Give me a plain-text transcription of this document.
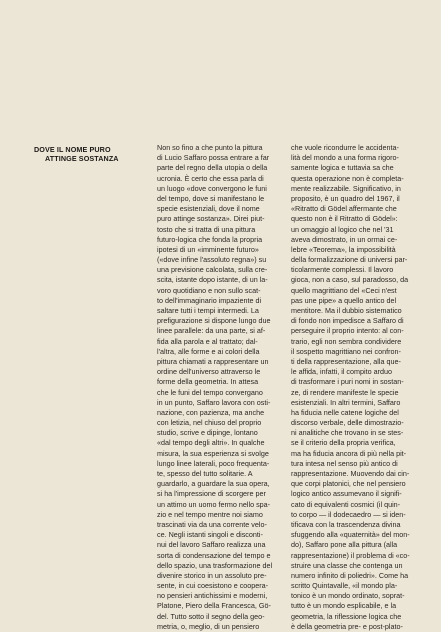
DOVE IL NOME PURO
ATTINGE SOSTANZA
Non so fino a che punto la pittura
di Lucio Saffaro possa entrare a far
parte del regno della utopia o della
ucronia. È certo che essa parla di
un luogo «dove convergono le funi
del tempo, dove si manifestano le
specie esistenziali, dove il nome
puro attinge sostanza». Direi piut-
tosto che si tratta di una pittura
futuro-logica che fonda la propria
ipotesi di un «imminente futuro»
(«dove infine l'assoluto regna») su
una previsione calcolata, sulla cre-
scita, istante dopo istante, di un la-
voro quotidiano e non sullo scat-
to dell'immaginario impaziente di
saltare tutti i tempi intermedi. La
prefigurazione si dispone lungo due
linee parallele: da una parte, si af-
fida alla parola e al trattato; dal-
l'altra, alle forme e ai colori della
pittura chiamati a rappresentare un
ordine dell'universo attraverso le
forme della geometria. In attesa
che le funi del tempo convergano
in un punto, Saffaro lavora con osti-
nazione, con pazienza, ma anche
con letizia, nel chiuso del proprio
studio, scrive e dipinge, lontano
«dal tempo degli altri». In qualche
misura, la sua esperienza si svolge
lungo linee laterali, poco frequenta-
te, spesso del tutto solitarie. A
guardarlo, a guardare la sua opera,
si ha l'impressione di scorgere per
un attimo un uomo fermo nello spa-
zio e nel tempo mentre noi siamo
trascinati via da una corrente velo-
ce. Negli istanti singoli e disconti-
nui del lavoro Saffaro realizza una
sorta di condensazione del tempo e
dello spazio, una trasformazione del
divenire storico in un assoluto pre-
sente, in cui coesistono e coopera-
no pensieri antichissimi e moderni,
Platone, Piero della Francesca, Gö-
del. Tutto sotto il segno della geo-
metria, o, meglio, di un pensiero
che vuole ricondurre le accidenta-
lità del mondo a una forma rigoro-
samente logica e tuttavia sa che
questa operazione non è completa-
mente realizzabile. Significativo, in
proposito, è un quadro del 1967, il
«Ritratto di Gödel affermante che
questo non è il Ritratto di Gödel»:
un omaggio al logico che nel '31
aveva dimostrato, in un ormai ce-
lebre «Teorema», la impossibilità
della formalizzazione di universi par-
ticolarmente complessi. Il lavoro
gioca, non a caso, sul paradosso, da
quello magrittiano del «Ceci n'est
pas une pipe» a quello antico del
mentitore. Ma il dubbio sistematico
di fondo non impedisce a Saffaro di
perseguire il proprio intento: al con-
trario, egli non sembra condividere
il sospetto magrittiano nei confron-
ti della rappresentazione, alla que-
le affida, infatti, il compito arduo
di trasformare i puri nomi in sostan-
ze, di rendere manifeste le specie
esistenziali. In altri termini, Saffaro
ha fiducia nelle catene logiche del
discorso verbale, delle dimostrazio-
ni analitiche che trovano in se stes-
se il criterio della propria verifica,
ma ha fiducia ancora di più nella pit-
tura intesa nel senso più antico di
rappresentazione. Muovendo dai cin-
que corpi platonici, che nel pensiero
logico antico assumevano il signifi-
cato di equivalenti cosmici (il quin-
to corpo — il dodecaedro — si iden-
tificava con la trascendenza divina
sfuggendo alla «quaternità» del mon-
do), Saffaro pone alla pittura (alla
rappresentazione) il problema di «co-
struire una classe che contenga un
numero infinito di poliedri». Come ha
scritto Quintavalle, «il mondo pla-
tonico è un mondo ordinato, soprat-
tutto è un mondo esplicabile, e la
geometria, la riflessione logica che
è della geometria pre- e post-plato-
